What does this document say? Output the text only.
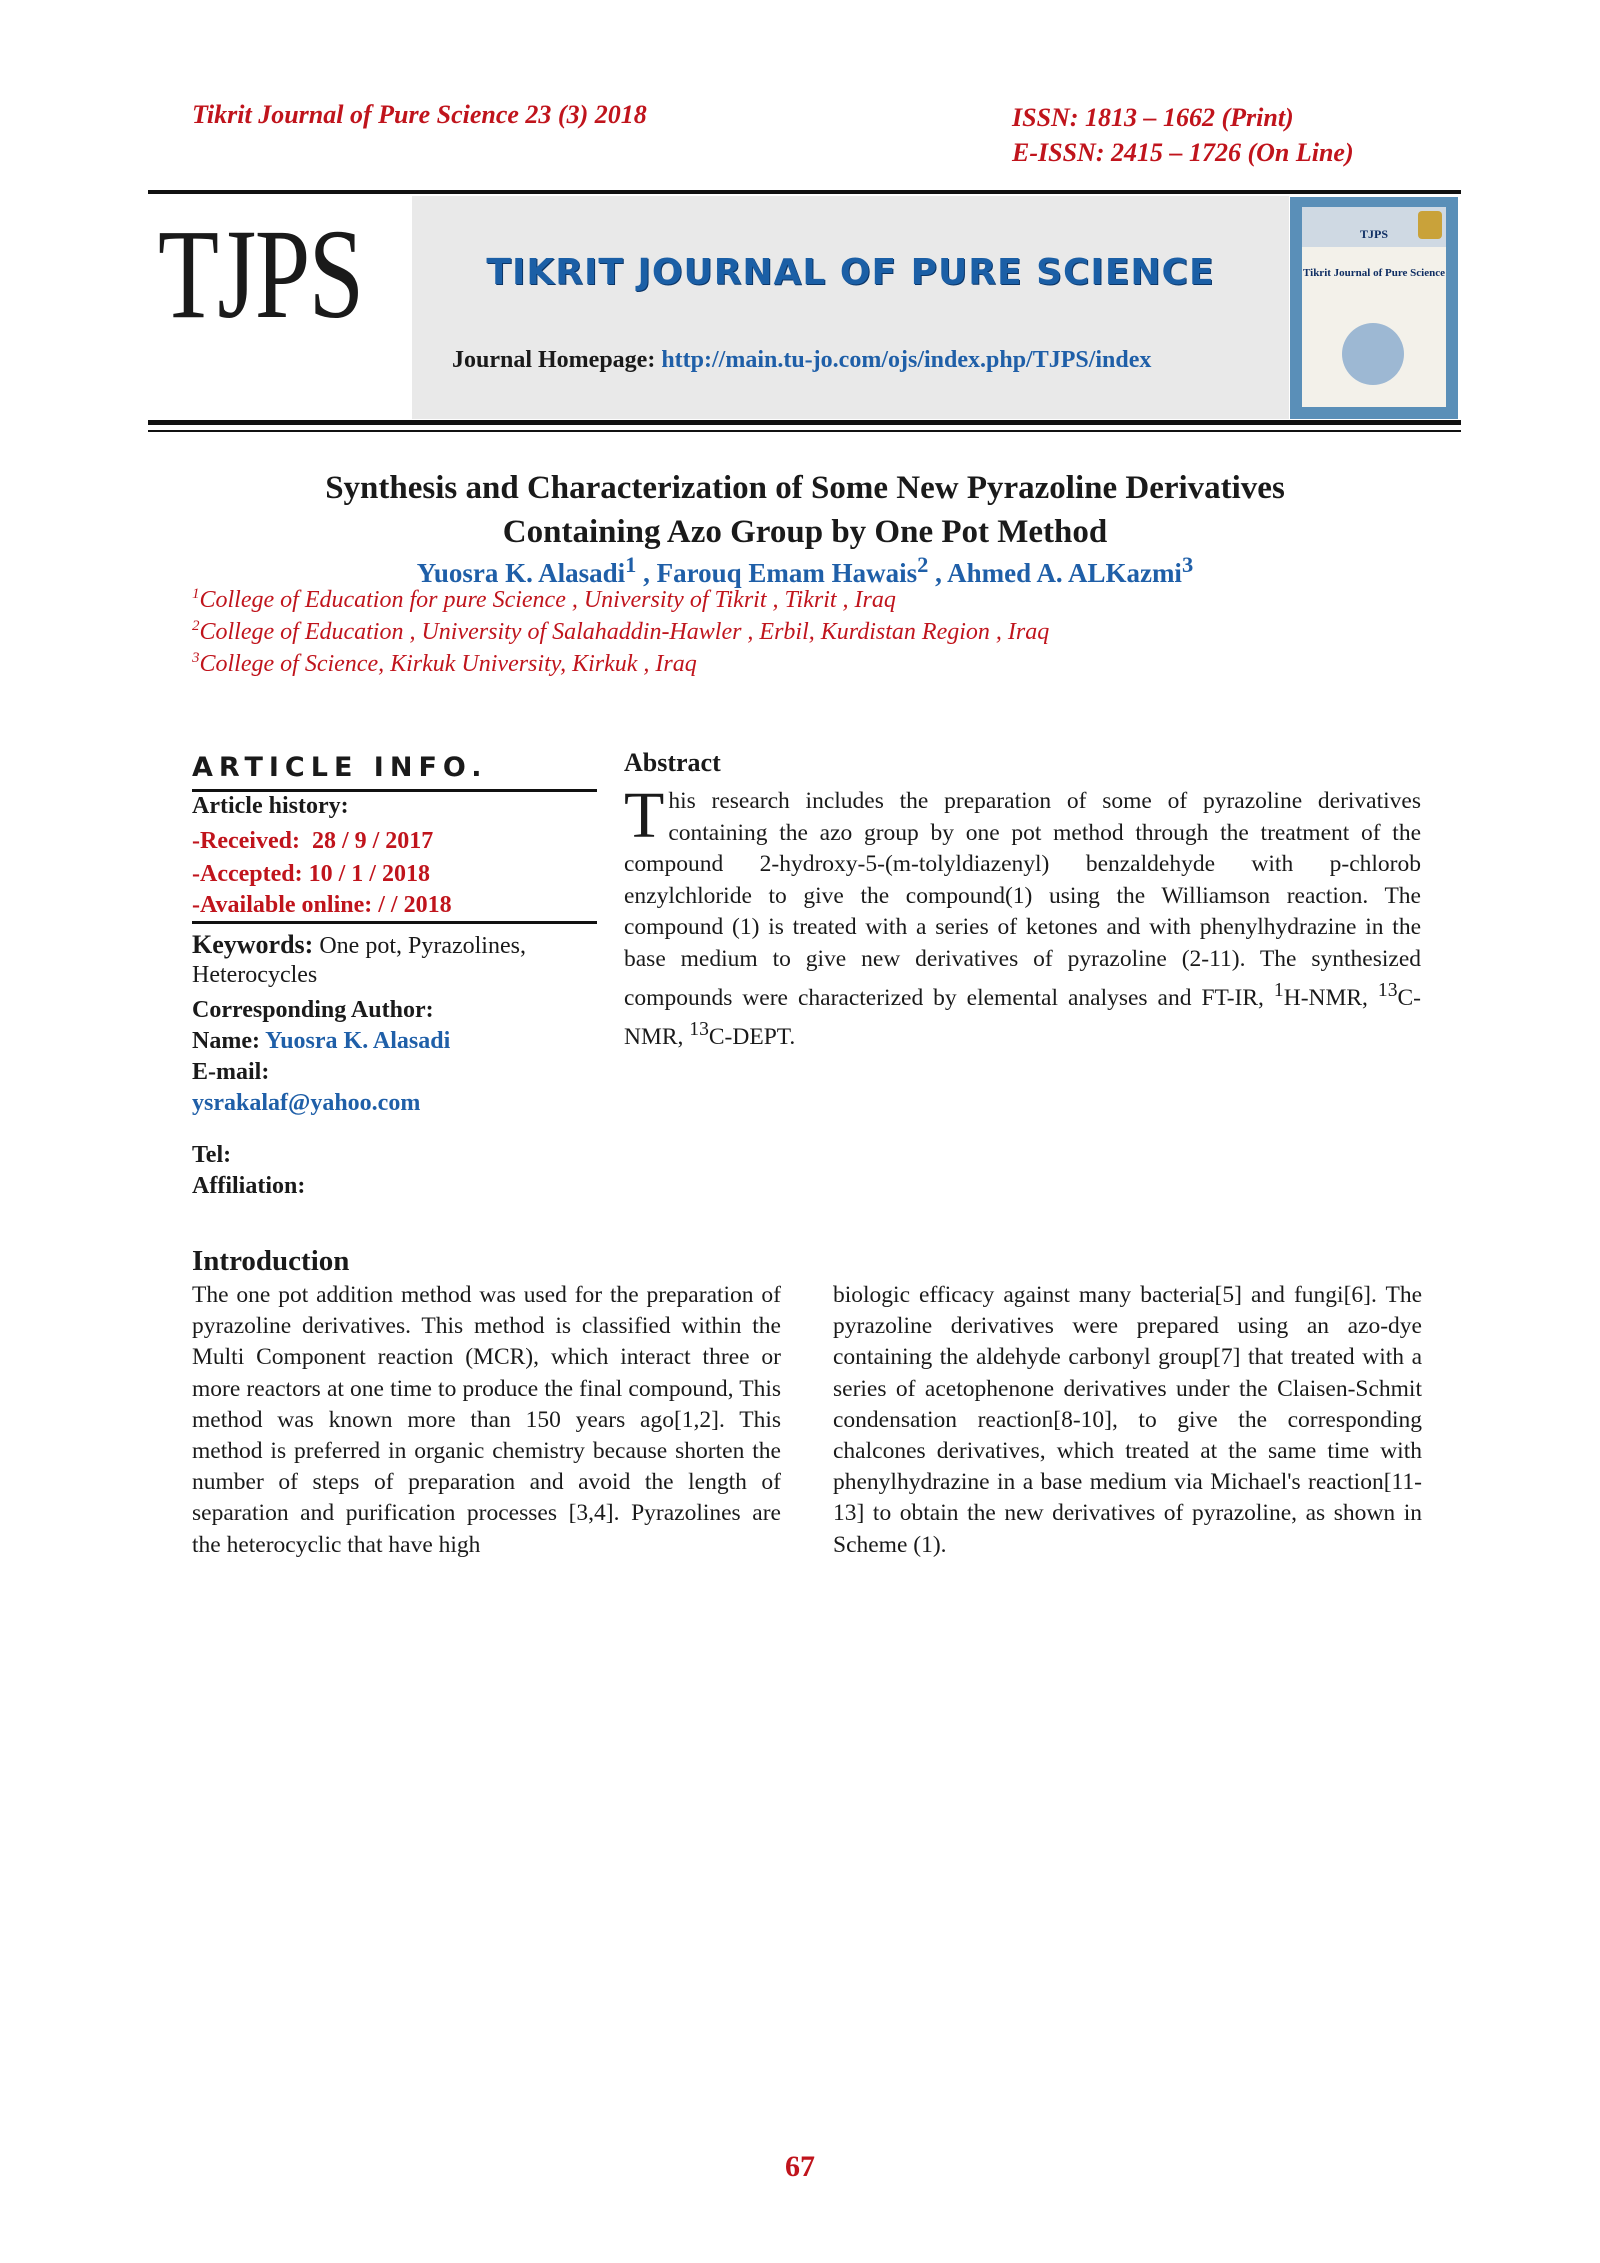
Tikrit Journal of Pure Science 23 (3) 2018	ISSN: 1813 – 1662 (Print)
E-ISSN: 2415 – 1726 (On Line)
TJPS	TIKRIT JOURNAL OF PURE SCIENCE
Journal Homepage: http://main.tu-jo.com/ojs/index.php/TJPS/index
TJPS
Tikrit Journal of Pure Science
Synthesis and Characterization of Some New Pyrazoline Derivatives
Containing Azo Group by One Pot Method
Yuosra K. Alasadi$^1$ , Farouq Emam Hawais$^2$ , Ahmed A. ALKazmi$^3$
$^1$College of Education for pure Science , University of Tikrit , Tikrit , Iraq
$^2$College of Education , University of Salahaddin-Hawler , Erbil, Kurdistan Region , Iraq
$^3$College of Science, Kirkuk University, Kirkuk , Iraq
ARTICLE INFO.
Article history:
-Received: 28 / 9 / 2017
-Accepted: 10 / 1 / 2018
-Available online: / / 2018
Keywords: One pot, Pyrazolines,
Heterocycles
Corresponding Author:
Name: Yuosra K. Alasadi
E-mail:
ysrakalaf@yahoo.com
Tel:
Affiliation:
Abstract
This research includes the preparation of some of pyrazoline derivatives containing the azo group by one pot method through the treatment of the compound 2-hydroxy-5-(m-tolyldiazenyl) benzaldehyde with p-chlorob enzylchloride to give the compound(1) using the Williamson reaction. The compound (1) is treated with a series of ketones and with phenylhydrazine in the base medium to give new derivatives of pyrazoline (2-11). The synthesized compounds were characterized by elemental analyses and FT-IR, $^1$H-NMR, $^{13}$C-NMR, $^{13}$C-DEPT.
Introduction
The one pot addition method was used for the preparation of pyrazoline derivatives. This method is classified within the Multi Component reaction (MCR), which interact three or more reactors at one time to produce the final compound, This method was known more than 150 years ago[1,2]. This method is preferred in organic chemistry because shorten the number of steps of preparation and avoid the length of separation and purification processes [3,4]. Pyrazolines are the heterocyclic that have high
biologic efficacy against many bacteria[5] and fungi[6]. The pyrazoline derivatives were prepared using an azo-dye containing the aldehyde carbonyl group[7] that treated with a series of acetophenone derivatives under the Claisen-Schmit condensation reaction[8-10], to give the corresponding chalcones derivatives, which treated at the same time with phenylhydrazine in a base medium via Michael's reaction[11-13] to obtain the new derivatives of pyrazoline, as shown in Scheme (1).
67
